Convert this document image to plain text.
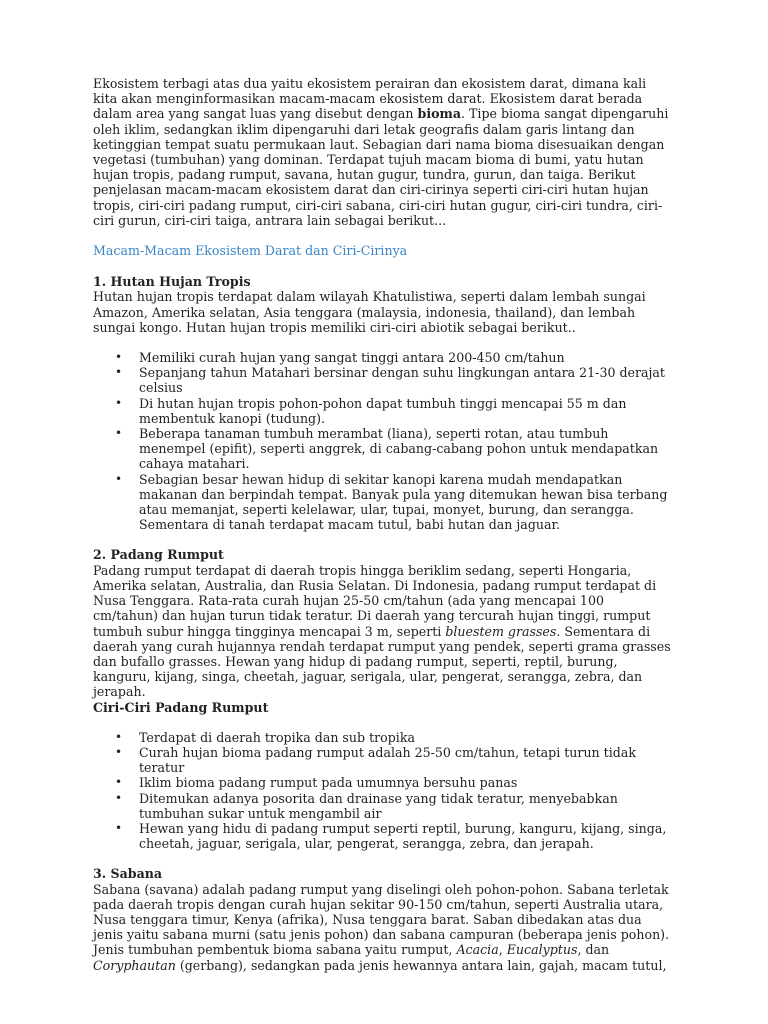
Ekosistem terbagi atas dua yaitu ekosistem perairan dan ekosistem darat, dimana kali kita akan menginformasikan macam-macam ekosistem darat. Ekosistem darat berada dalam area yang sangat luas yang disebut dengan bioma. Tipe bioma sangat dipengaruhi oleh iklim, sedangkan iklim dipengaruhi dari letak geografis dalam garis lintang dan ketinggian tempat suatu permukaan laut. Sebagian dari nama bioma disesuaikan dengan vegetasi (tumbuhan) yang dominan. Terdapat tujuh macam bioma di bumi, yatu hutan hujan tropis, padang rumput, savana, hutan gugur, tundra, gurun, dan taiga. Berikut penjelasan macam-macam ekosistem darat dan ciri-cirinya seperti ciri-ciri hutan hujan tropis, ciri-ciri padang rumput, ciri-ciri sabana, ciri-ciri hutan gugur, ciri-ciri tundra, ciri-ciri gurun, ciri-ciri taiga, antrara lain sebagai berikut...

Macam-Macam Ekosistem Darat dan Ciri-Cirinya
1. Hutan Hujan Tropis

Hutan hujan tropis terdapat dalam wilayah Khatulistiwa, seperti dalam lembah sungai Amazon, Amerika selatan, Asia tenggara (malaysia, indonesia, thailand), dan lembah sungai kongo. Hutan hujan tropis memiliki ciri-ciri abiotik sebagai berikut..

• Memiliki curah hujan yang sangat tinggi antara 200-450 cm/tahun
• Sepanjang tahun Matahari bersinar dengan suhu lingkungan antara 21-30 derajat celsius
• Di hutan hujan tropis pohon-pohon dapat tumbuh tinggi mencapai 55 m dan membentuk kanopi (tudung).
• Beberapa tanaman tumbuh merambat (liana), seperti rotan, atau tumbuh menempel (epifit), seperti anggrek, di cabang-cabang pohon untuk mendapatkan cahaya matahari.
• Sebagian besar hewan hidup di sekitar kanopi karena mudah mendapatkan makanan dan berpindah tempat. Banyak pula yang ditemukan hewan bisa terbang atau memanjat, seperti kelelawar, ular, tupai, monyet, burung, dan serangga. Sementara di tanah terdapat macam tutul, babi hutan dan jaguar.
2. Padang Rumput

Padang rumput terdapat di daerah tropis hingga beriklim sedang, seperti Hongaria, Amerika selatan, Australia, dan Rusia Selatan. Di Indonesia, padang rumput terdapat di Nusa Tenggara. Rata-rata curah hujan 25-50 cm/tahun (ada yang mencapai 100 cm/tahun) dan hujan turun tidak teratur. Di daerah yang tercurah hujan tinggi, rumput tumbuh subur hingga tingginya mencapai 3 m, seperti bluestem grasses. Sementara di daerah yang curah hujannya rendah terdapat rumput yang pendek, seperti grama grasses dan bufallo grasses. Hewan yang hidup di padang rumput, seperti, reptil, burung, kanguru, kijang, singa, cheetah, jaguar, serigala, ular, pengerat, serangga, zebra, dan jerapah.

Ciri-Ciri Padang Rumput
• Terdapat di daerah tropika dan sub tropika
• Curah hujan bioma padang rumput adalah 25-50 cm/tahun, tetapi turun tidak teratur
• Iklim bioma padang rumput pada umumnya bersuhu panas
• Ditemukan adanya posorita dan drainase yang tidak teratur, menyebabkan tumbuhan sukar untuk mengambil air
• Hewan yang hidu di padang rumput seperti reptil, burung, kanguru, kijang, singa, cheetah, jaguar, serigala, ular, pengerat, serangga, zebra, dan jerapah.
3. Sabana

Sabana (savana) adalah padang rumput yang diselingi oleh pohon-pohon. Sabana terletak pada daerah tropis dengan curah hujan sekitar 90-150 cm/tahun, seperti Australia utara, Nusa tenggara timur, Kenya (afrika), Nusa tenggara barat. Saban dibedakan atas dua jenis yaitu sabana murni (satu jenis pohon) dan sabana campuran (beberapa jenis pohon). Jenis tumbuhan pembentuk bioma sabana yaitu rumput, Acacia, Eucalyptus, dan Coryphautan (gerbang), sedangkan pada jenis hewannya antara lain, gajah, macam tutul,
